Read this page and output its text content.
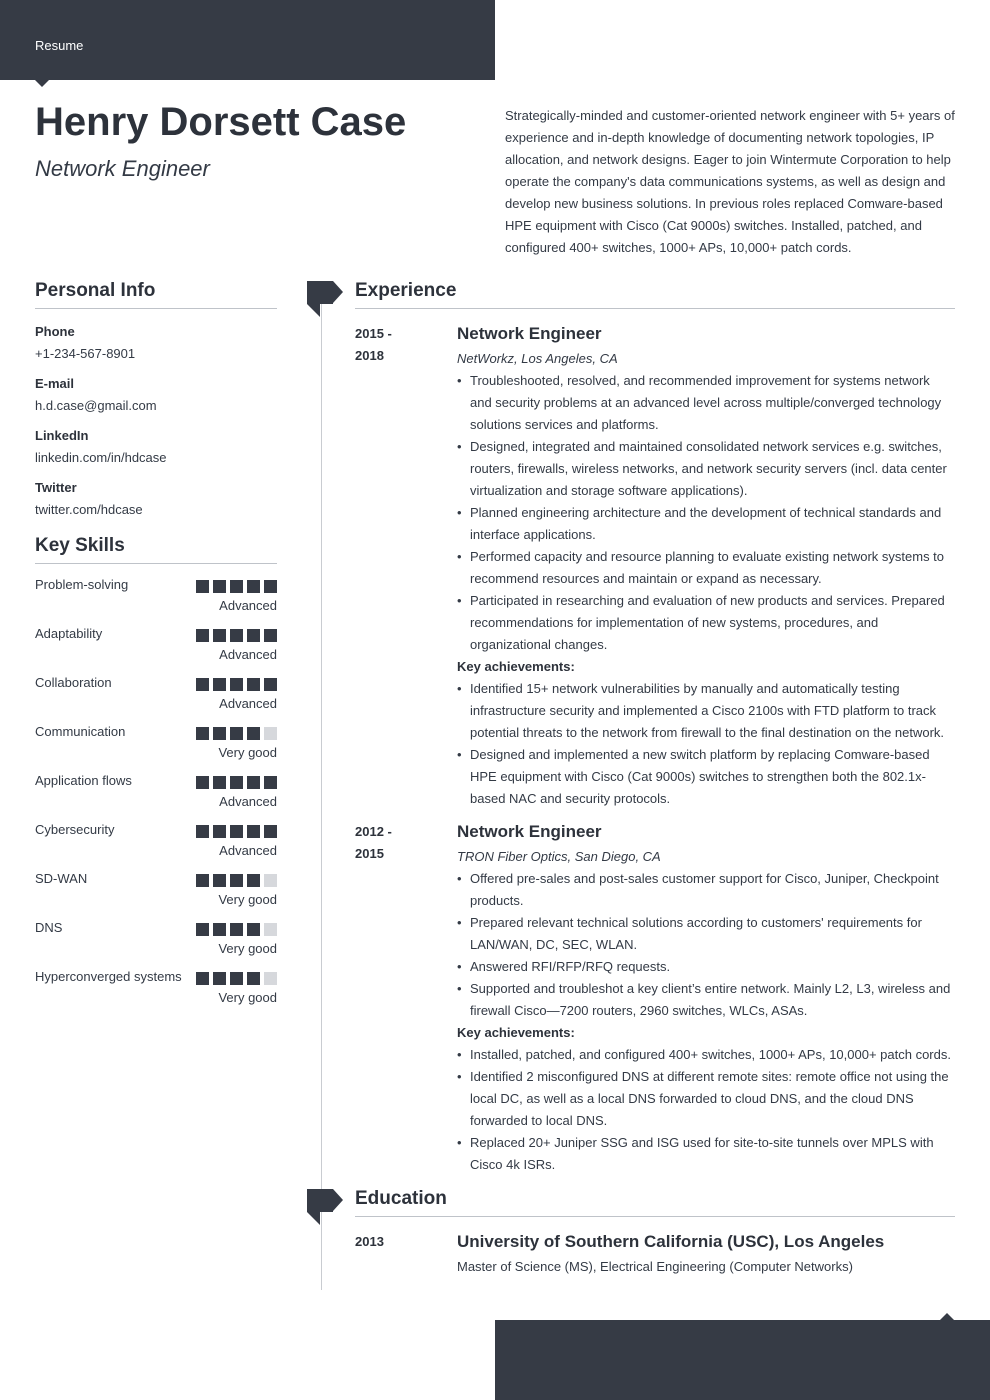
Resume
Henry Dorsett Case
Network Engineer

Strategically-minded and customer-oriented network engineer with 5+ years of experience and in-depth knowledge of documenting network topologies, IP allocation, and network designs. Eager to join Wintermute Corporation to help operate the company's data communications systems, as well as design and develop new business solutions. In previous roles replaced Comware-based HPE equipment with Cisco (Cat 9000s) switches. Installed, patched, and configured 400+ switches, 1000+ APs, 10,000+ patch cords.

Personal Info
Phone
+1-234-567-8901
E-mail
h.d.case@gmail.com
LinkedIn
linkedin.com/in/hdcase
Twitter
twitter.com/hdcase
Key Skills
Problem-solving
Advanced
Adaptability
Advanced
Collaboration
Advanced
Communication
Very good
Application flows
Advanced
Cybersecurity
Advanced
SD-WAN
Very good
DNS
Very good
Hyperconverged systems
Very good
Experience
2015 - 2018
Network Engineer
NetWorkz, Los Angeles, CA
• Troubleshooted, resolved, and recommended improvement for systems network and security problems at an advanced level across multiple/converged technology solutions services and platforms.
• Designed, integrated and maintained consolidated network services e.g. switches, routers, firewalls, wireless networks, and network security servers (incl. data center virtualization and storage software applications).
• Planned engineering architecture and the development of technical standards and interface applications.
• Performed capacity and resource planning to evaluate existing network systems to recommend resources and maintain or expand as necessary.
• Participated in researching and evaluation of new products and services. Prepared recommendations for implementation of new systems, procedures, and organizational changes.
Key achievements:
• Identified 15+ network vulnerabilities by manually and automatically testing infrastructure security and implemented a Cisco 2100s with FTD platform to track potential threats to the network from firewall to the final destination on the network.
• Designed and implemented a new switch platform by replacing Comware-based HPE equipment with Cisco (Cat 9000s) switches to strengthen both the 802.1x-based NAC and security protocols.
2012 - 2015
Network Engineer
TRON Fiber Optics, San Diego, CA
• Offered pre-sales and post-sales customer support for Cisco, Juniper, Checkpoint products.
• Prepared relevant technical solutions according to customers' requirements for LAN/WAN, DC, SEC, WLAN.
• Answered RFI/RFP/RFQ requests.
• Supported and troubleshot a key client’s entire network. Mainly L2, L3, wireless and firewall Cisco—7200 routers, 2960 switches, WLCs, ASAs.
Key achievements:
• Installed, patched, and configured 400+ switches, 1000+ APs, 10,000+ patch cords.
• Identified 2 misconfigured DNS at different remote sites: remote office not using the local DC, as well as a local DNS forwarded to cloud DNS, and the cloud DNS forwarded to local DNS.
• Replaced 20+ Juniper SSG and ISG used for site-to-site tunnels over MPLS with Cisco 4k ISRs.
Education
2013	University of Southern California (USC), Los Angeles
Master of Science (MS), Electrical Engineering (Computer Networks)
